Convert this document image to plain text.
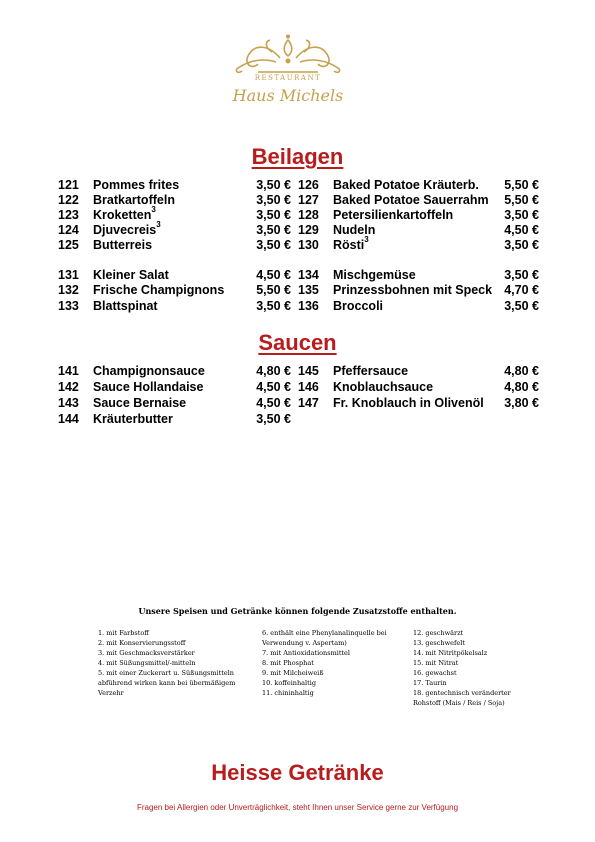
RESTAURANT
Haus Michels
Beilagen
121 Pommes frites	3,50 €
122 Bratkartoffeln	3,50 €
123 Kroketten$^3$	3,50 €
124 Djuvecreis$^3$	3,50 €
125 Butterreis	3,50 €
131 Kleiner Salat	4,50 €
132 Frische Champignons	5,50 €
133 Blattspinat	3,50 €
126 Baked Potatoe Kräuterb.	5,50 €
127 Baked Potatoe Sauerrahm	5,50 €
128 Petersilienkartoffeln	3,50 €
129 Nudeln	4,50 €
130 Rösti$^3$	3,50 €
134 Mischgemüse	3,50 €
135 Prinzessbohnen mit Speck 4,70 €
136 Broccoli	3,50 €
Saucen
141 Champignonsauce	4,80 €
142 Sauce Hollandaise	4,50 €
143 Sauce Bernaise	4,50 €
144 Kräuterbutter	3,50 €
145 Pfeffersauce	4,80 €
146 Knoblauchsauce	4,80 €
147 Fr. Knoblauch in Olivenöl	3,80 €
Unsere Speisen und Getränke können folgende Zusatzstoffe enthalten.
1. mit Farbstoff
2. mit Konservierungsstoff
3. mit Geschmacksverstärker
4. mit Süßungsmittel/-mitteln
5. mit einer Zuckerart u. Süßungsmitteln
abführend wirken kann bei übermäßigem
Verzehr
6. enthält eine Phenylanalinquelle bei
Verwendung v. Aspertam)
7. mit Antioxidationsmittel
8. mit Phosphat
9. mit Milcheiweiß
10. koffeinhaltig
11. chininhaltig
12. geschwärzt
13. geschwefelt
14. mit Nitritpökelsalz
15. mit Nitrat
16. gewachst
17. Taurin
18. gentechnisch veränderter
Rohstoff (Mais / Reis / Soja)
Heisse Getränke
Fragen bei Allergien oder Unverträglichkeit, steht Ihnen unser Service gerne zur Verfügung
